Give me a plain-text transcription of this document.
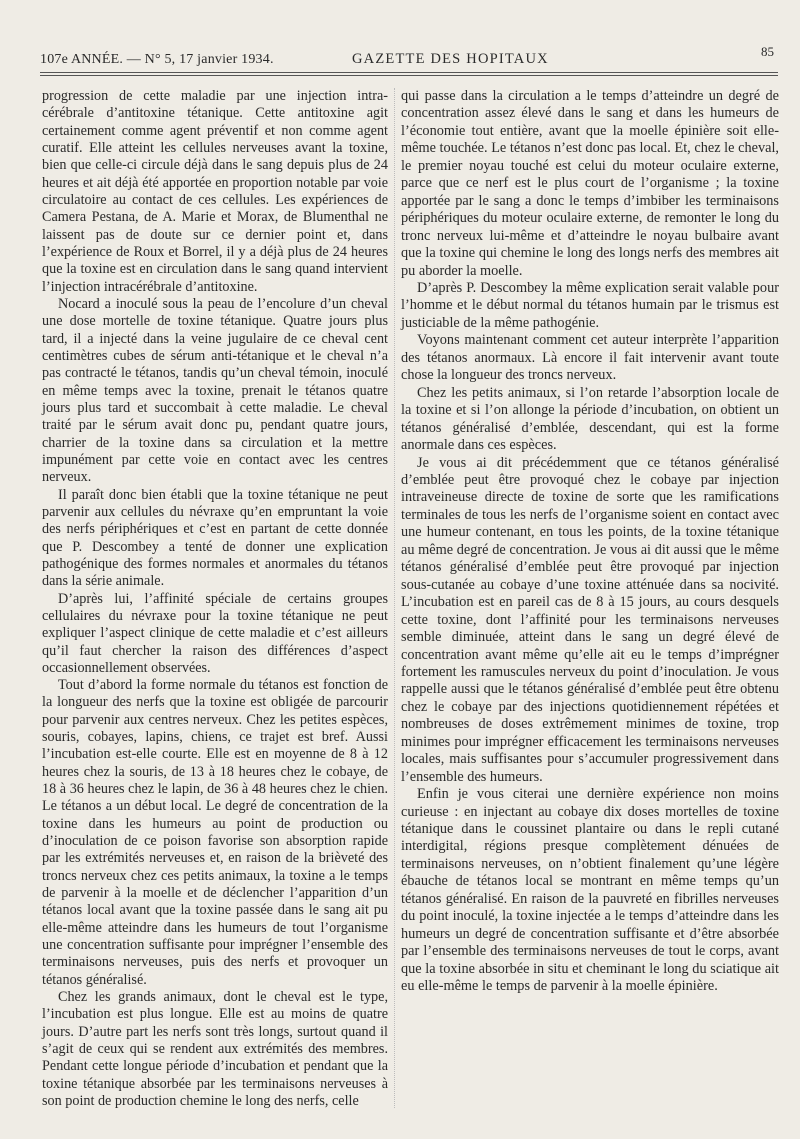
107e ANNÉE. — N° 5, 17 janvier 1934.	GAZETTE DES HOPITAUX	85

progression de cette maladie par une injection intra-cérébrale d’antitoxine tétanique. Cette antitoxine agit certainement comme agent préventif et non comme agent curatif. Elle atteint les cellules nerveuses avant la toxine, bien que celle-ci circule déjà dans le sang depuis plus de 24 heures et ait déjà été apportée en proportion notable par voie circulatoire au contact de ces cellules. Les expériences de Camera Pestana, de A. Marie et Morax, de Blumenthal ne laissent pas de doute sur ce dernier point et, dans l’expérience de Roux et Borrel, il y a déjà plus de 24 heures que la toxine est en circulation dans le sang quand intervient l’injection intracérébrale d’antitoxine.

Nocard a inoculé sous la peau de l’encolure d’un cheval une dose mortelle de toxine tétanique. Quatre jours plus tard, il a injecté dans la veine jugulaire de ce cheval cent centimètres cubes de sérum anti-tétanique et le cheval n’a pas contracté le tétanos, tandis qu’un cheval témoin, inoculé en même temps avec la toxine, prenait le tétanos quatre jours plus tard et succombait à cette maladie. Le cheval traité par le sérum avait donc pu, pendant quatre jours, charrier de la toxine dans sa circulation et la mettre impunément par cette voie en contact avec les centres nerveux.

Il paraît donc bien établi que la toxine tétanique ne peut parvenir aux cellules du névraxe qu’en empruntant la voie des nerfs périphériques et c’est en partant de cette donnée que P. Descombey a tenté de donner une explication pathogénique des formes normales et anormales du tétanos dans la série animale.

D’après lui, l’affinité spéciale de certains groupes cellulaires du névraxe pour la toxine tétanique ne peut expliquer l’aspect clinique de cette maladie et c’est ailleurs qu’il faut chercher la raison des différences d’aspect occasionnellement observées.

Tout d’abord la forme normale du tétanos est fonction de la longueur des nerfs que la toxine est obligée de parcourir pour parvenir aux centres nerveux. Chez les petites espèces, souris, cobayes, lapins, chiens, ce trajet est bref. Aussi l’incubation est-elle courte. Elle est en moyenne de 8 à 12 heures chez la souris, de 13 à 18 heures chez le cobaye, de 18 à 36 heures chez le lapin, de 36 à 48 heures chez le chien. Le tétanos a un début local. Le degré de concentration de la toxine dans les humeurs au point de production ou d’inoculation de ce poison favorise son absorption rapide par les extrémités nerveuses et, en raison de la brièveté des troncs nerveux chez ces petits animaux, la toxine a le temps de parvenir à la moelle et de déclencher l’apparition d’un tétanos local avant que la toxine passée dans le sang ait pu elle-même atteindre dans les humeurs de tout l’organisme une concentration suffisante pour imprégner l’ensemble des terminaisons nerveuses, puis des nerfs et provoquer un tétanos généralisé.

Chez les grands animaux, dont le cheval est le type, l’incubation est plus longue. Elle est au moins de quatre jours. D’autre part les nerfs sont très longs, surtout quand il s’agit de ceux qui se rendent aux extrémités des membres. Pendant cette longue période d’incubation et pendant que la toxine tétanique absorbée par les terminaisons nerveuses à son point de production chemine le long des nerfs, celle

qui passe dans la circulation a le temps d’atteindre un degré de concentration assez élevé dans le sang et dans les humeurs de l’économie tout entière, avant que la moelle épinière soit elle-même touchée. Le tétanos n’est donc pas local. Et, chez le cheval, le premier noyau touché est celui du moteur oculaire externe, parce que ce nerf est le plus court de l’organisme ; la toxine apportée par le sang a donc le temps d’imbiber les terminaisons périphériques du moteur oculaire externe, de remonter le long du tronc nerveux lui-même et d’atteindre le noyau bulbaire avant que la toxine qui chemine le long des longs nerfs des membres ait pu aborder la moelle.

D’après P. Descombey la même explication serait valable pour l’homme et le début normal du tétanos humain par le trismus est justiciable de la même pathogénie.

Voyons maintenant comment cet auteur interprète l’apparition des tétanos anormaux. Là encore il fait intervenir avant toute chose la longueur des troncs nerveux.

Chez les petits animaux, si l’on retarde l’absorption locale de la toxine et si l’on allonge la période d’incubation, on obtient un tétanos généralisé d’emblée, descendant, qui est la forme anormale dans ces espèces.

Je vous ai dit précédemment que ce tétanos généralisé d’emblée peut être provoqué chez le cobaye par injection intraveineuse directe de toxine de sorte que les ramifications terminales de tous les nerfs de l’organisme soient en contact avec une humeur contenant, en tous les points, de la toxine tétanique au même degré de concentration. Je vous ai dit aussi que le même tétanos généralisé d’emblée peut être provoqué par injection sous-cutanée au cobaye d’une toxine atténuée dans sa nocivité. L’incubation est en pareil cas de 8 à 15 jours, au cours desquels cette toxine, dont l’affinité pour les terminaisons nerveuses semble diminuée, atteint dans le sang un degré élevé de concentration avant même qu’elle ait eu le temps d’imprégner fortement les ramuscules nerveux du point d’inoculation. Je vous rappelle aussi que le tétanos généralisé d’emblée peut être obtenu chez le cobaye par des injections quotidiennement répétées et nombreuses de doses extrêmement minimes de toxine, trop minimes pour imprégner efficacement les terminaisons nerveuses locales, mais suffisantes pour s’accumuler progressivement dans l’ensemble des humeurs.

Enfin je vous citerai une dernière expérience non moins curieuse : en injectant au cobaye dix doses mortelles de toxine tétanique dans le coussinet plantaire ou dans le repli cutané interdigital, régions presque complètement dénuées de terminaisons nerveuses, on n’obtient finalement qu’une légère ébauche de tétanos local se montrant en même temps qu’un tétanos généralisé. En raison de la pauvreté en fibrilles nerveuses du point inoculé, la toxine injectée a le temps d’atteindre dans les humeurs un degré de concentration suffisante et d’être absorbée par l’ensemble des terminaisons nerveuses de tout le corps, avant que la toxine absorbée in situ et cheminant le long du sciatique ait eu elle-même le temps de parvenir à la moelle épinière.
